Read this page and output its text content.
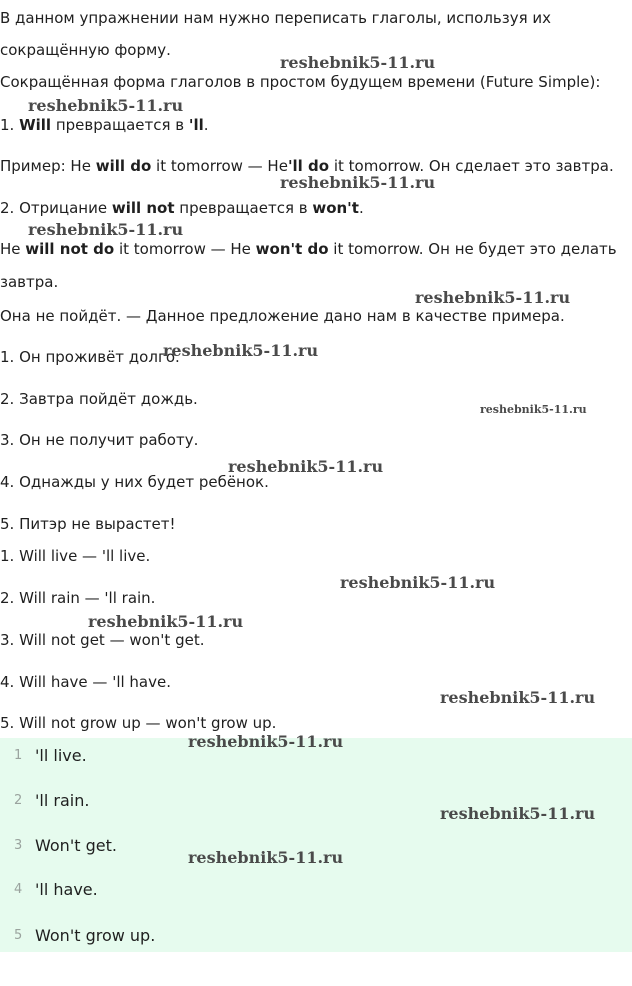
В данном упражнении нам нужно переписать глаголы, используя их
сокращённую форму.
Сокращённая форма глаголов в простом будущем времени (Future Simple):
1. Will превращается в 'll.
Пример: He will do it tomorrow — He'll do it tomorrow. Он сделает это завтра.
2. Отрицание will not превращается в won't.
He will not do it tomorrow — He won't do it tomorrow. Он не будет это делать
завтра.
Она не пойдёт. — Данное предложение дано нам в качестве примера.
1. Он проживёт долго.
2. Завтра пойдёт дождь.
3. Он не получит работу.
4. Однажды у них будет ребёнок.
5. Питэр не вырастет!
1. Will live — 'll live.
2. Will rain — 'll rain.
3. Will not get — won't get.
4. Will have — 'll have.
5. Will not grow up — won't grow up.
1 'll live.
2 'll rain.
3 Won't get.
4 'll have.
5 Won't grow up.
reshebnik5-11.ru
reshebnik5-11.ru
reshebnik5-11.ru
reshebnik5-11.ru
reshebnik5-11.ru
reshebnik5-11.ru
reshebnik5-11.ru
reshebnik5-11.ru
reshebnik5-11.ru
reshebnik5-11.ru
reshebnik5-11.ru
reshebnik5-11.ru
reshebnik5-11.ru
reshebnik5-11.ru
